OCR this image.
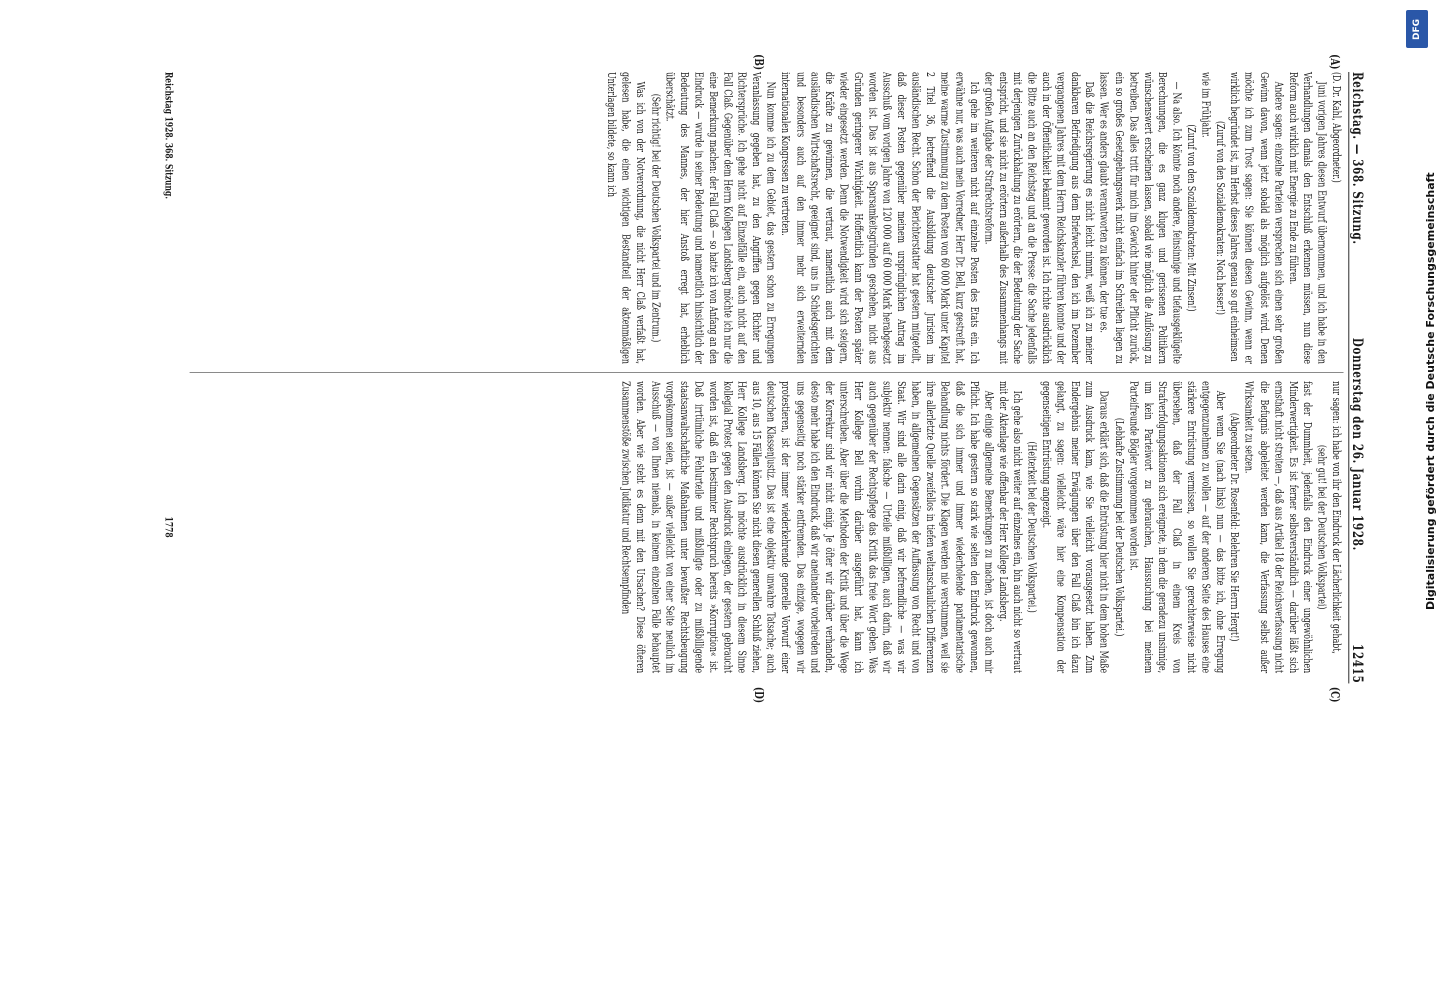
Reichstag. — 368. Sitzung.
Donnerstag den 26. Januar 1928.
12415

(D. Dr. Kahl, Abgeordneter.)

Juni vorigen Jahres diesen Entwurf übernommen, und ich habe in den Verhandlungen damals den Entschluß erkennen müssen, nun diese Reform auch wirklich mit Energie zu Ende zu führen.

Andere sagen: einzelne Parteien versprechen sich einen sehr großen Gewinn davon, wenn jetzt sobald als möglich aufgelöst wird. Denen möchte ich zum Trost sagen: Sie können diesen Gewinn, wenn er wirklich begründet ist, im Herbst dieses Jahres genau so gut einheimsen

(Zuruf von den Sozialdemokraten: Noch besser!)

wie im Frühjahr.

(Zuruf von den Sozialdemokraten: Mit Zinsen!)

— Na also. Ich könnte noch andere, feinsinnige und tiefausgeklügelte Berechnungen, die es ganz klugen und gerissenen Politikern wünschenswert erscheinen lassen, sobald wie möglich die Auflösung zu betreiben. Das alles tritt für mich im Gewicht hinter der Pflicht zurück, ein so großes Gesetzgebungswerk nicht einfach im Schreiben liegen zu lassen. Wer es anders glaubt verantworten zu können, der tue es.

Daß die Reichsregierung es nicht leicht nimmt, weiß ich zu meiner dankbaren Befriedigung aus dem Briefwechsel, den ich im Dezember vergangenen Jahres mit dem Herrn Reichskanzler führen konnte und der auch in der Öffentlichkeit bekannt geworden ist. Ich richte ausdrücklich die Bitte auch an den Reichstag und an die Presse: die Sache jedenfalls mit derjenigen Zurückhaltung zu erörtern, die der Bedeutung der Sache entspricht, und sie nicht zu erörtern außerhalb des Zusammenhangs mit der großen Aufgabe der Strafrechtsreform.

Ich gehe im weiteren nicht auf einzelne Posten des Etats ein. Ich erwähne nur, was auch mein Vorredner, Herr Dr. Bell, kurz gestreift hat, meine warme Zustimmung zu dem Posten von 60 000 Mark unter Kapitel 2 Titel 36, betreffend die Ausbildung deutscher Juristen im ausländischen Recht. Schon der Berichterstatter hat gestern mitgeteilt, daß dieser Posten gegenüber meinem ursprünglichen Antrag im Ausschuß vom vorigen Jahre von 120 000 auf 60 000 Mark herabgesetzt worden ist. Das ist aus Sparsamkeitsgründen geschehen, nicht aus Gründen geringerer Wichtigkeit. Hoffentlich kann der Posten später wieder eingesetzt werden. Denn die Notwendigkeit wird sich steigern, die Kräfte zu gewinnen, die vertraut, namentlich auch mit dem ausländischen Wirtschaftsrecht, geeignet sind, uns in Schiedsgerichten und besonders auch auf den immer mehr sich erweiternden internationalen Kongressen zu vertreten.

Nun komme ich zu dem Gebiet, das gestern schon zu Erregungen Veranlassung gegeben hat, zu den Angriffen gegen Richter und Richtersprüche. Ich gehe nicht auf Einzelfälle ein, auch nicht auf den Fall Claß. Gegenüber dem Herrn Kollegen Landsberg möchte ich nur die eine Bemerkung machen: der Fall Claß — so hatte ich von Anfang an den Eindruck — wurde in seiner Bedeutung und namentlich hinsichtlich der Bedeutung des Mannes, der hier Anstoß erregt hat, erheblich überschätzt.

(Sehr richtig! bei der Deutschen Volkspartei und im Zentrum.)

Was ich von der Notverordnung, die nicht Herr Claß verfaßt hat, gelesen habe, die einen wichtigen Bestandteil der aktenmäßigen Unterlagen bildete, so kann ich

nur sagen: ich habe von ihr den Eindruck der Lächerlichkeit gehabt,

(sehr gut! bei der Deutschen Volkspartei)

fast der Dummheit, jedenfalls den Eindruck einer ungewöhnlichen Minderwertigkeit. Es ist ferner selbstverständlich — darüber läßt sich ernsthaft nicht streiten —, daß aus Artikel 18 der Reichsverfassung nicht die Befugnis abgeleitet werden kann, die Verfassung selbst außer Wirksamkeit zu setzen.

(Abgeordneter Dr. Rosenfeld: Belehren Sie Herrn Hergt!)

Aber wenn Sie (nach links) nun — das bitte ich, ohne Erregung entgegenzunehmen zu wollen — auf der anderen Seite des Hauses eine stärkere Entrüstung vermissen, so wollen Sie gerechterweise nicht übersehen, daß der Fall Claß in einem Kreis von Strafverfolgungsaktionen sich ereignete, in dem die geradezu unsinnige, um kein Parteiwort zu gebrauchen, Haussuchung bei meinem Parteifreunde Bögler vorgenommen worden ist.

(Lebhafte Zustimmung bei der Deutschen Volkspartei.)

Daraus erklärt sich, daß die Entrüstung hier nicht in dem hohen Maße zum Ausdruck kam, wie Sie vielleicht vorausgesetzt haben. Zum Endergebnis meiner Erwägungen über den Fall Claß bin ich dazu gelangt, zu sagen: vielleicht wäre hier eine Kompensation der gegenseitigen Entrüstung angezeigt.

(Heiterkeit bei der Deutschen Volkspartei.)

Ich gehe also nicht weiter auf einzelnes ein, bin auch nicht so vertraut mit der Aktenlage wie offenbar der Herr Kollege Landsberg.

Aber einige allgemeine Bemerkungen zu machen, ist doch auch mir Pflicht. Ich habe gestern so stark wie selten den Eindruck gewonnen, daß die sich immer und immer wiederholende parlamentarische Behandlung nichts fördert. Die Klagen werden nie verstummen, weil sie ihre allerletzte Quelle zweifellos in tiefen weltanschaulichen Differenzen haben, in allgemeinen Gegensätzen der Auffassung von Recht und von Staat. Wir sind alle darin einig, daß wir befremdliche — was wir subjektiv nennen: falsche — Urteile mißbilligen, auch darin, daß wir auch gegenüber der Rechtspflege das Kritik das freie Wort geben. Was Herr Kollege Bell vorhin darüber ausgeführt hat, kann ich unterschreiben. Aber über die Methoden der Kritik und über die Wege der Korrektur sind wir nicht einig. Je öfter wir darüber verhandeln, desto mehr habe ich den Eindruck, daß wir aneinander vorbeireden und uns gegenseitig noch stärker entfremden. Das einzige, wogegen wir protestieren, ist der immer wiederkehrende generelle Vorwurf einer deutschen Klassenjustiz. Das ist eine objektiv unwahre Tatsache; auch aus 10, aus 15 Fällen können Sie nicht diesen generellen Schluß ziehen, Herr Kollege Landsberg. Ich möchte ausdrücklich in diesem Sinne kollegial Protest gegen den Ausdruck einlegen, der gestern gebraucht worden ist, daß ein bestimmter Rechtspruch bereits »Korruption« ist. Daß irrtümliche Fehlurteile und mißbilligte oder zu mißbilligende staatsanwaltschaftliche Maßnahmen unter bewußter Rechtsbeugung vorgekommen seien, ist — außer vielleicht von einer Seite neulich im Ausschuß — von Ihnen niemals, in keinem einzelnen Falle behauptet worden. Aber wie steht es denn mit den Ursachen? Diese öfteren Zusammenstöße zwischen Judikatur und Rechtsempfinden

(A)
(B)
(C)
(D)
Reichstag 1928. 368. Sitzung.
1778
DFG
Digitalisierung gefördert durch die Deutsche Forschungsgemeinschaft
